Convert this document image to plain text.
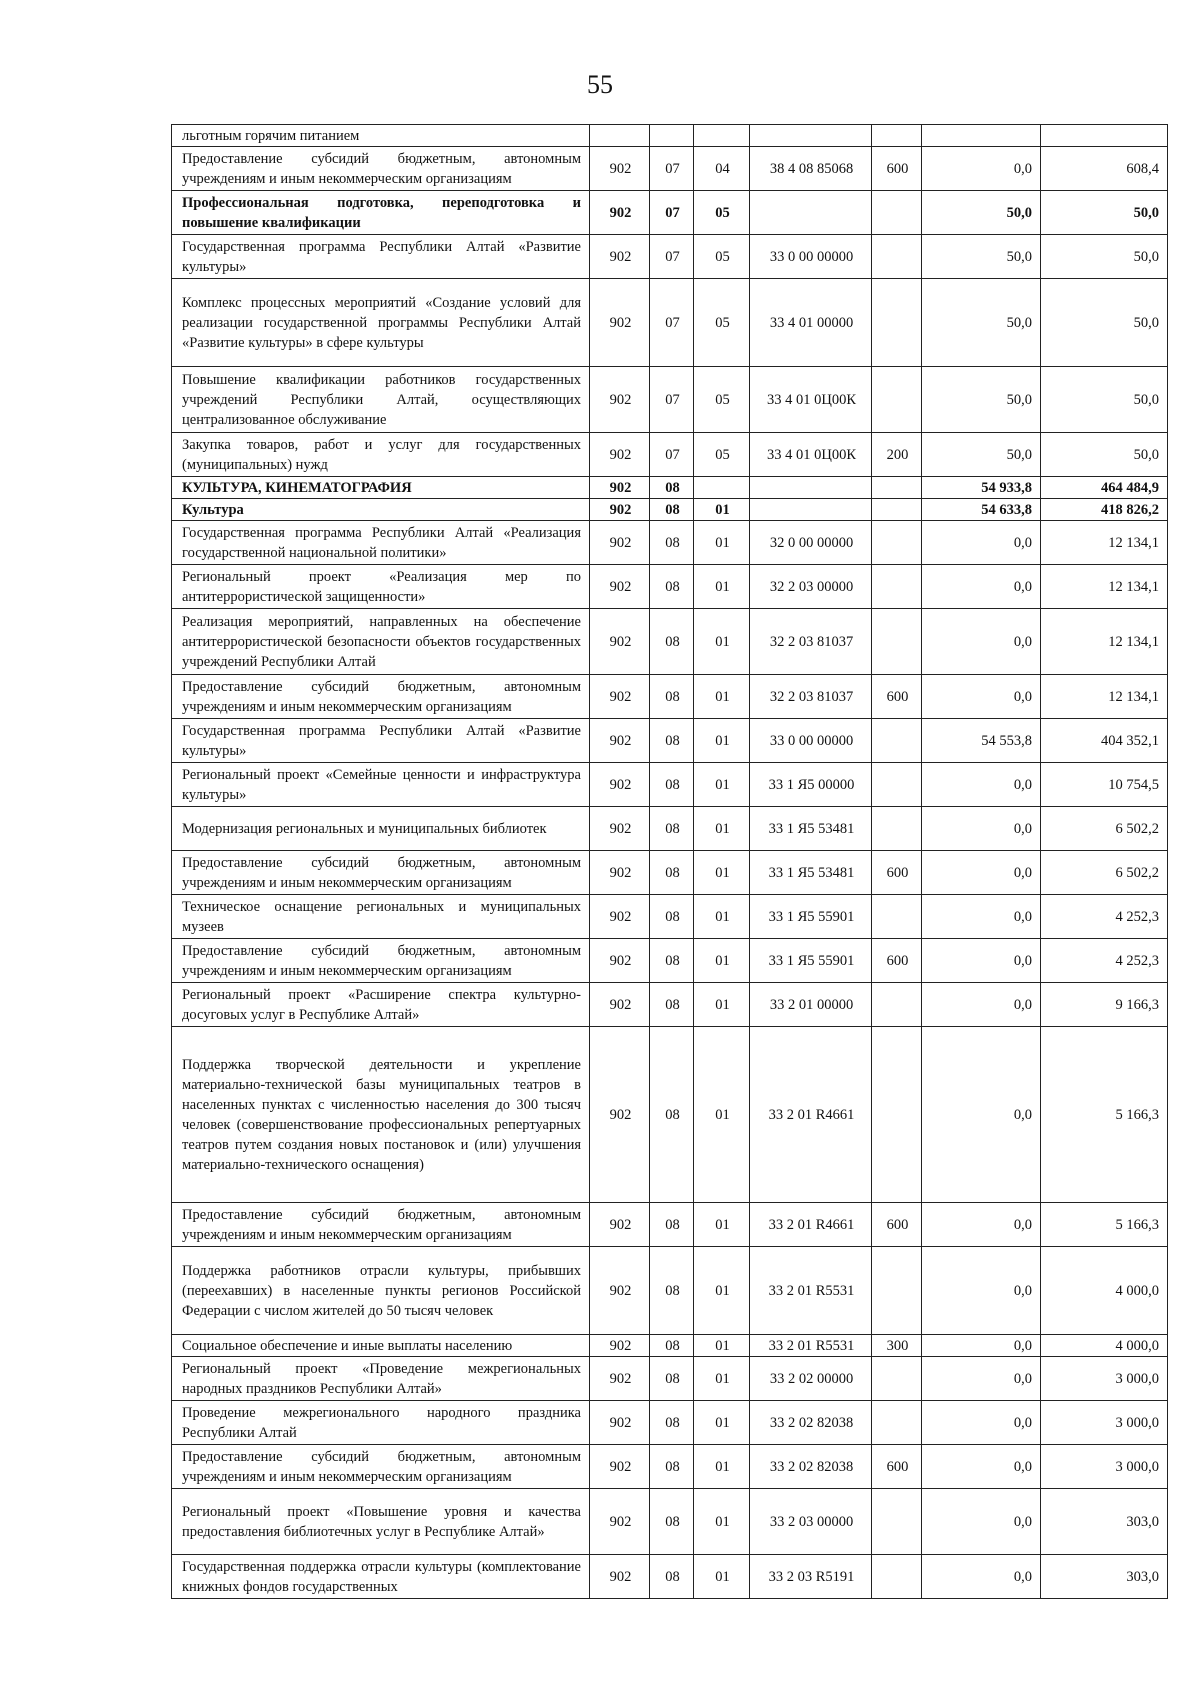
55
льготным горячим питанием							
Предоставление субсидий бюджетным, автономным учреждениям и иным некоммерческим организациям	902	07	04	38 4 08 85068	600	0,0	608,4
Профессиональная подготовка, переподготовка и повышение квалификации	902	07	05			50,0	50,0
Государственная программа Республики Алтай «Развитие культуры»	902	07	05	33 0 00 00000		50,0	50,0
Комплекс процессных мероприятий «Создание условий для реализации государственной программы Республики Алтай «Развитие культуры» в сфере культуры	902	07	05	33 4 01 00000		50,0	50,0
Повышение квалификации работников государственных учреждений Республики Алтай, осуществляющих централизованное обслуживание	902	07	05	33 4 01 0Ц00К		50,0	50,0
Закупка товаров, работ и услуг для государственных (муниципальных) нужд	902	07	05	33 4 01 0Ц00К	200	50,0	50,0
КУЛЬТУРА, КИНЕМАТОГРАФИЯ	902	08				54 933,8	464 484,9
Культура	902	08	01			54 633,8	418 826,2
Государственная программа Республики Алтай «Реализация государственной национальной политики»	902	08	01	32 0 00 00000		0,0	12 134,1
Региональный проект «Реализация мер по антитеррористической защищенности»	902	08	01	32 2 03 00000		0,0	12 134,1
Реализация мероприятий, направленных на обеспечение антитеррористической безопасности объектов государственных учреждений Республики Алтай	902	08	01	32 2 03 81037		0,0	12 134,1
Предоставление субсидий бюджетным, автономным учреждениям и иным некоммерческим организациям	902	08	01	32 2 03 81037	600	0,0	12 134,1
Государственная программа Республики Алтай «Развитие культуры»	902	08	01	33 0 00 00000		54 553,8	404 352,1
Региональный проект «Семейные ценности и инфраструктура культуры»	902	08	01	33 1 Я5 00000		0,0	10 754,5
Модернизация региональных и муниципальных библиотек	902	08	01	33 1 Я5 53481		0,0	6 502,2
Предоставление субсидий бюджетным, автономным учреждениям и иным некоммерческим организациям	902	08	01	33 1 Я5 53481	600	0,0	6 502,2
Техническое оснащение региональных и муниципальных музеев	902	08	01	33 1 Я5 55901		0,0	4 252,3
Предоставление субсидий бюджетным, автономным учреждениям и иным некоммерческим организациям	902	08	01	33 1 Я5 55901	600	0,0	4 252,3
Региональный проект «Расширение спектра культурно-досуговых услуг в Республике Алтай»	902	08	01	33 2 01 00000		0,0	9 166,3
Поддержка творческой деятельности и укрепление материально-технической базы муниципальных театров в населенных пунктах с численностью населения до 300 тысяч человек (совершенствование профессиональных репертуарных театров путем создания новых постановок и (или) улучшения материально-технического оснащения)	902	08	01	33 2 01 R4661		0,0	5 166,3
Предоставление субсидий бюджетным, автономным учреждениям и иным некоммерческим организациям	902	08	01	33 2 01 R4661	600	0,0	5 166,3
Поддержка работников отрасли культуры, прибывших (переехавших) в населенные пункты регионов Российской Федерации с числом жителей до 50 тысяч человек	902	08	01	33 2 01 R5531		0,0	4 000,0
Социальное обеспечение и иные выплаты населению	902	08	01	33 2 01 R5531	300	0,0	4 000,0
Региональный проект «Проведение межрегиональных народных праздников Республики Алтай»	902	08	01	33 2 02 00000		0,0	3 000,0
Проведение межрегионального народного праздника Республики Алтай	902	08	01	33 2 02 82038		0,0	3 000,0
Предоставление субсидий бюджетным, автономным учреждениям и иным некоммерческим организациям	902	08	01	33 2 02 82038	600	0,0	3 000,0
Региональный проект «Повышение уровня и качества предоставления библиотечных услуг в Республике Алтай»	902	08	01	33 2 03 00000		0,0	303,0
Государственная поддержка отрасли культуры (комплектование книжных фондов государственных	902	08	01	33 2 03 R5191		0,0	303,0
